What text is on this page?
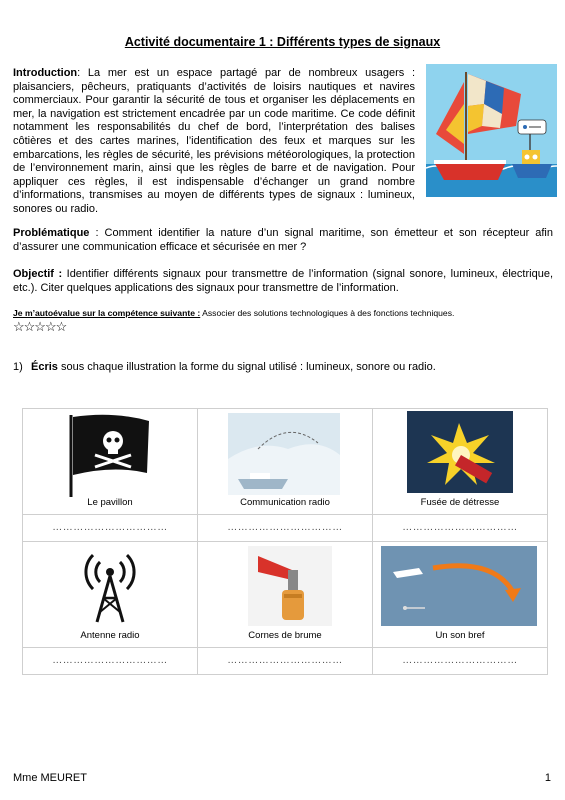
Activité documentaire 1 : Différents types de signaux
Introduction: La mer est un espace partagé par de nombreux usagers : plaisanciers, pêcheurs, pratiquants d’activités de loisirs nautiques et navires commerciaux. Pour garantir la sécurité de tous et organiser les déplacements en mer, la navigation est strictement encadrée par un code maritime. Ce code définit notamment les responsabilités du chef de bord, l’interprétation des balises côtières et des cartes marines, l’identification des feux et marques sur les embarcations, les règles de sécurité, les prévisions météorologiques, la protection de l’environnement marin, ainsi que les règles de barre et de navigation. Pour appliquer ces règles, il est indispensable d’échanger un grand nombre d’informations, transmises au moyen de différents types de signaux : lumineux, sonores ou radio.
Problématique : Comment identifier la nature d’un signal maritime, son émetteur et son récepteur afin d’assurer une communication efficace et sécurisée en mer ?
Objectif : Identifier différents signaux pour transmettre de l’information (signal sonore, lumineux, électrique, etc.). Citer quelques applications des signaux pour transmettre de l’information.
Je m’autoévalue sur la compétence suivante : Associer des solutions technologiques à des fonctions techniques.
☆☆☆☆☆
1) Écris sous chaque illustration la forme du signal utilisé : lumineux, sonore ou radio.
Le pavillon	Communication radio	Fusée de détresse

……………………………	……………………………	……………………………

Antenne radio	Cornes de brume	Un son bref

……………………………	……………………………	……………………………
Mme MEURET	1
